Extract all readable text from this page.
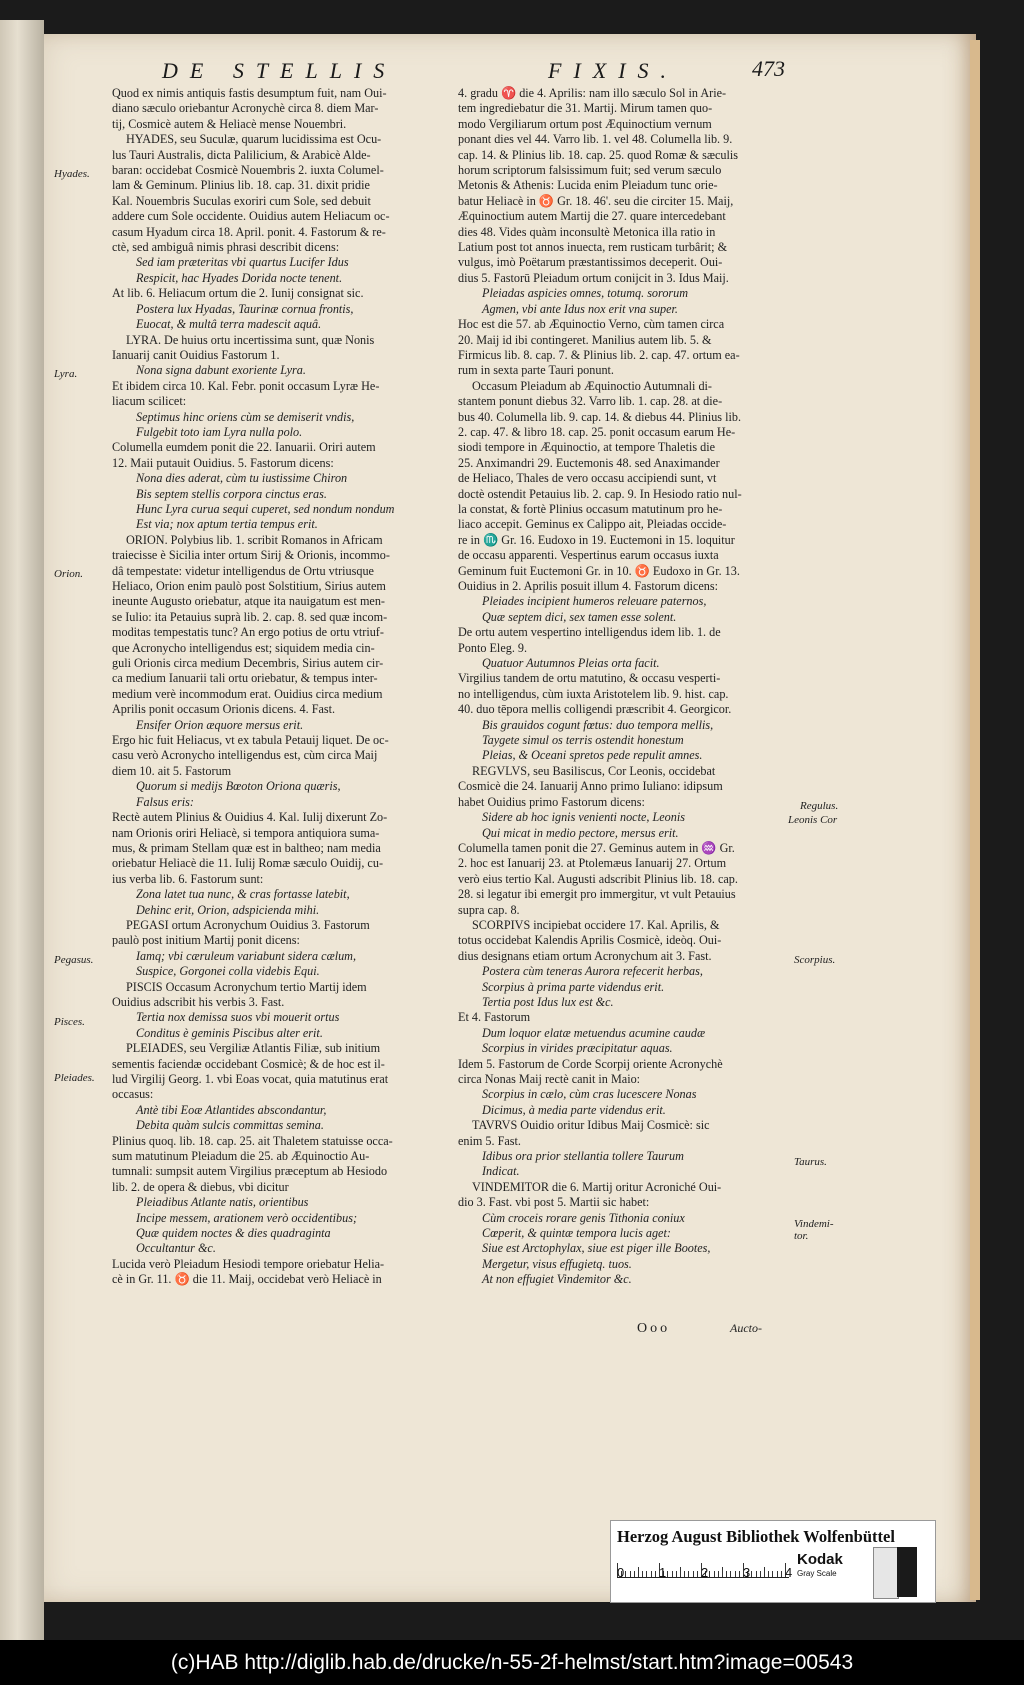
DE STELLIS	FIXIS.	473
Hyades.
Lyra.
Orion.
Pegasus.
Pisces.
Pleiades.
Regulus.
Leonis Cor
Scorpius.
Taurus.
Vindemi-tor.

Quod ex nimis antiquis fastis desumptum fuit, nam Oui-

diano sæculo oriebantur Acronychè circa 8. diem Mar-

tij, Cosmicè autem & Heliacè mense Nouembri.

HYADES, seu Suculæ, quarum lucidissima est Ocu-

lus Tauri Australis, dicta Palilicium, & Arabicè Alde-

baran: occidebat Cosmicè Nouembris 2. iuxta Columel-

lam & Geminum. Plinius lib. 18. cap. 31. dixit pridie

Kal. Nouembris Suculas exoriri cum Sole, sed debuit

addere cum Sole occidente. Ouidius autem Heliacum oc-

casum Hyadum circa 18. April. ponit. 4. Fastorum & re-

ctè, sed ambiguâ nimis phrasi describit dicens:

Sed iam præteritas vbi quartus Lucifer Idus

Respicit, hac Hyades Dorida nocte tenent.

At lib. 6. Heliacum ortum die 2. Iunij consignat sic.

Postera lux Hyadas, Taurinæ cornua frontis,

Euocat, & multâ terra madescit aquâ.

LYRA. De huius ortu incertissima sunt, quæ Nonis

Ianuarij canit Ouidius Fastorum 1.

Nona signa dabunt exoriente Lyra.

Et ibidem circa 10. Kal. Febr. ponit occasum Lyræ He-

liacum scilicet:

Septimus hinc oriens cùm se demiserit vndis,

Fulgebit toto iam Lyra nulla polo.

Columella eumdem ponit die 22. Ianuarii. Oriri autem

12. Maii putauit Ouidius. 5. Fastorum dicens:

Nona dies aderat, cùm tu iustissime Chiron

Bis septem stellis corpora cinctus eras.

Hunc Lyra curua sequi cuperet, sed nondum nondum

Est via; nox aptum tertia tempus erit.

ORION. Polybius lib. 1. scribit Romanos in Africam

traiecisse è Sicilia inter ortum Sirij & Orionis, incommo-

dâ tempestate: videtur intelligendus de Ortu vtriusque

Heliaco, Orion enim paulò post Solstitium, Sirius autem

ineunte Augusto oriebatur, atque ita nauigatum est men-

se Iulio: ita Petauius suprà lib. 2. cap. 8. sed quæ incom-

moditas tempestatis tunc? An ergo potius de ortu vtriuf-

que Acronycho intelligendus est; siquidem media cin-

guli Orionis circa medium Decembris, Sirius autem cir-

ca medium Ianuarii tali ortu oriebatur, & tempus inter-

medium verè incommodum erat. Ouidius circa medium

Aprilis ponit occasum Orionis dicens. 4. Fast.

Ensifer Orion æquore mersus erit.

Ergo hic fuit Heliacus, vt ex tabula Petauij liquet. De oc-

casu verò Acronycho intelligendus est, cùm circa Maij

diem 10. ait 5. Fastorum

Quorum si medijs Bœoton Oriona quæris,

Falsus eris:

Rectè autem Plinius & Ouidius 4. Kal. Iulij dixerunt Zo-

nam Orionis oriri Heliacè, si tempora antiquiora suma-

mus, & primam Stellam quæ est in baltheo; nam media

oriebatur Heliacè die 11. Iulij Romæ sæculo Ouidij, cu-

ius verba lib. 6. Fastorum sunt:

Zona latet tua nunc, & cras fortasse latebit,

Dehinc erit, Orion, adspicienda mihi.

PEGASI ortum Acronychum Ouidius 3. Fastorum

paulò post initium Martij ponit dicens:

Iamq; vbi cæruleum variabunt sidera cælum,

Suspice, Gorgonei colla videbis Equi.

PISCIS Occasum Acronychum tertio Martij idem

Ouidius adscribit his verbis 3. Fast.

Tertia nox demissa suos vbi mouerit ortus

Conditus è geminis Piscibus alter erit.

PLEIADES, seu Vergiliæ Atlantis Filiæ, sub initium

sementis faciendæ occidebant Cosmicè; & de hoc est il-

lud Virgilij Georg. 1. vbi Eoas vocat, quia matutinus erat

occasus:

Antè tibi Eoæ Atlantides abscondantur,

Debita quàm sulcis committas semina.

Plinius quoq. lib. 18. cap. 25. ait Thaletem statuisse occa-

sum matutinum Pleiadum die 25. ab Æquinoctio Au-

tumnali: sumpsit autem Virgilius præceptum ab Hesiodo

lib. 2. de opera & diebus, vbi dicitur

Pleiadibus Atlante natis, orientibus

Incipe messem, arationem verò occidentibus;

Quæ quidem noctes & dies quadraginta

Occultantur &c.

Lucida verò Pleiadum Hesiodi tempore oriebatur Helia-

cè in Gr. 11. ♉ die 11. Maij, occidebat verò Heliacè in

4. gradu ♈ die 4. Aprilis: nam illo sæculo Sol in Arie-

tem ingrediebatur die 31. Martij. Mirum tamen quo-

modo Vergiliarum ortum post Æquinoctium vernum

ponant dies vel 44. Varro lib. 1. vel 48. Columella lib. 9.

cap. 14. & Plinius lib. 18. cap. 25. quod Romæ & sæculis

horum scriptorum falsissimum fuit; sed verum sæculo

Metonis & Athenis: Lucida enim Pleiadum tunc orie-

batur Heliacè in ♉ Gr. 18. 46'. seu die circiter 15. Maij,

Æquinoctium autem Martij die 27. quare intercedebant

dies 48. Vides quàm inconsultè Metonica illa ratio in

Latium post tot annos inuecta, rem rusticam turbârit; &

vulgus, imò Poëtarum præstantissimos deceperit. Oui-

dius 5. Fastorū Pleiadum ortum conijcit in 3. Idus Maij.

Pleiadas aspicies omnes, totumq. sororum

Agmen, vbi ante Idus nox erit vna super.

Hoc est die 57. ab Æquinoctio Verno, cùm tamen circa

20. Maij id ibi contingeret. Manilius autem lib. 5. &

Firmicus lib. 8. cap. 7. & Plinius lib. 2. cap. 47. ortum ea-

rum in sexta parte Tauri ponunt.

Occasum Pleiadum ab Æquinoctio Autumnali di-

stantem ponunt diebus 32. Varro lib. 1. cap. 28. at die-

bus 40. Columella lib. 9. cap. 14. & diebus 44. Plinius lib.

2. cap. 47. & libro 18. cap. 25. ponit occasum earum He-

siodi tempore in Æquinoctio, at tempore Thaletis die

25. Anximandri 29. Euctemonis 48. sed Anaximander

de Heliaco, Thales de vero occasu accipiendi sunt, vt

doctè ostendit Petauius lib. 2. cap. 9. In Hesiodo ratio nul-

la constat, & fortè Plinius occasum matutinum pro he-

liaco accepit. Geminus ex Calippo ait, Pleiadas occide-

re in ♏ Gr. 16. Eudoxo in 19. Euctemoni in 15. loquitur

de occasu apparenti. Vespertinus earum occasus iuxta

Geminum fuit Euctemoni Gr. in 10. ♉ Eudoxo in Gr. 13.

Ouidius in 2. Aprilis posuit illum 4. Fastorum dicens:

Pleiades incipient humeros releuare paternos,

Quæ septem dici, sex tamen esse solent.

De ortu autem vespertino intelligendus idem lib. 1. de

Ponto Eleg. 9.

Quatuor Autumnos Pleias orta facit.

Virgilius tandem de ortu matutino, & occasu vesperti-

no intelligendus, cùm iuxta Aristotelem lib. 9. hist. cap.

40. duo tēpora mellis colligendi præscribit 4. Georgicor.

Bis grauidos cogunt fœtus: duo tempora mellis,

Taygete simul os terris ostendit honestum

Pleias, & Oceani spretos pede repulit amnes.

REGVLVS, seu Basiliscus, Cor Leonis, occidebat

Cosmicè die 24. Ianuarij Anno primo Iuliano: idipsum

habet Ouidius primo Fastorum dicens:

Sidere ab hoc ignis venienti nocte, Leonis

Qui micat in medio pectore, mersus erit.

Columella tamen ponit die 27. Geminus autem in ♒ Gr.

2. hoc est Ianuarij 23. at Ptolemæus Ianuarij 27. Ortum

verò eius tertio Kal. Augusti adscribit Plinius lib. 18. cap.

28. si legatur ibi emergit pro immergitur, vt vult Petauius

supra cap. 8.

SCORPIVS incipiebat occidere 17. Kal. Aprilis, &

totus occidebat Kalendis Aprilis Cosmicè, ideòq. Oui-

dius designans etiam ortum Acronychum ait 3. Fast.

Postera cùm teneras Aurora refecerit herbas,

Scorpius à prima parte videndus erit.

Tertia post Idus lux est &c.

Et 4. Fastorum

Dum loquor elatæ metuendus acumine caudæ

Scorpius in virides præcipitatur aquas.

Idem 5. Fastorum de Corde Scorpij oriente Acronychè

circa Nonas Maij rectè canit in Maio:

Scorpius in cælo, cùm cras lucescere Nonas

Dicimus, à media parte videndus erit.

TAVRVS Ouidio oritur Idibus Maij Cosmicè: sic

enim 5. Fast.

Idibus ora prior stellantia tollere Taurum

Indicat.

VINDEMITOR die 6. Martij oritur Acroniché Oui-

dio 3. Fast. vbi post 5. Martii sic habet:

Cùm croceis rorare genis Tithonia coniux

Cœperit, & quintæ tempora lucis aget:

Siue est Arctophylax, siue est piger ille Bootes,

Mergetur, visus effugietq. tuos.

At non effugiet Vindemitor &c.

Ooo	Aucto-
Herzog August Bibliothek Wolfenbüttel
Kodak
Gray Scale
0	1	2	3	4
(c)HAB http://diglib.hab.de/drucke/n-55-2f-helmst/start.htm?image=00543
